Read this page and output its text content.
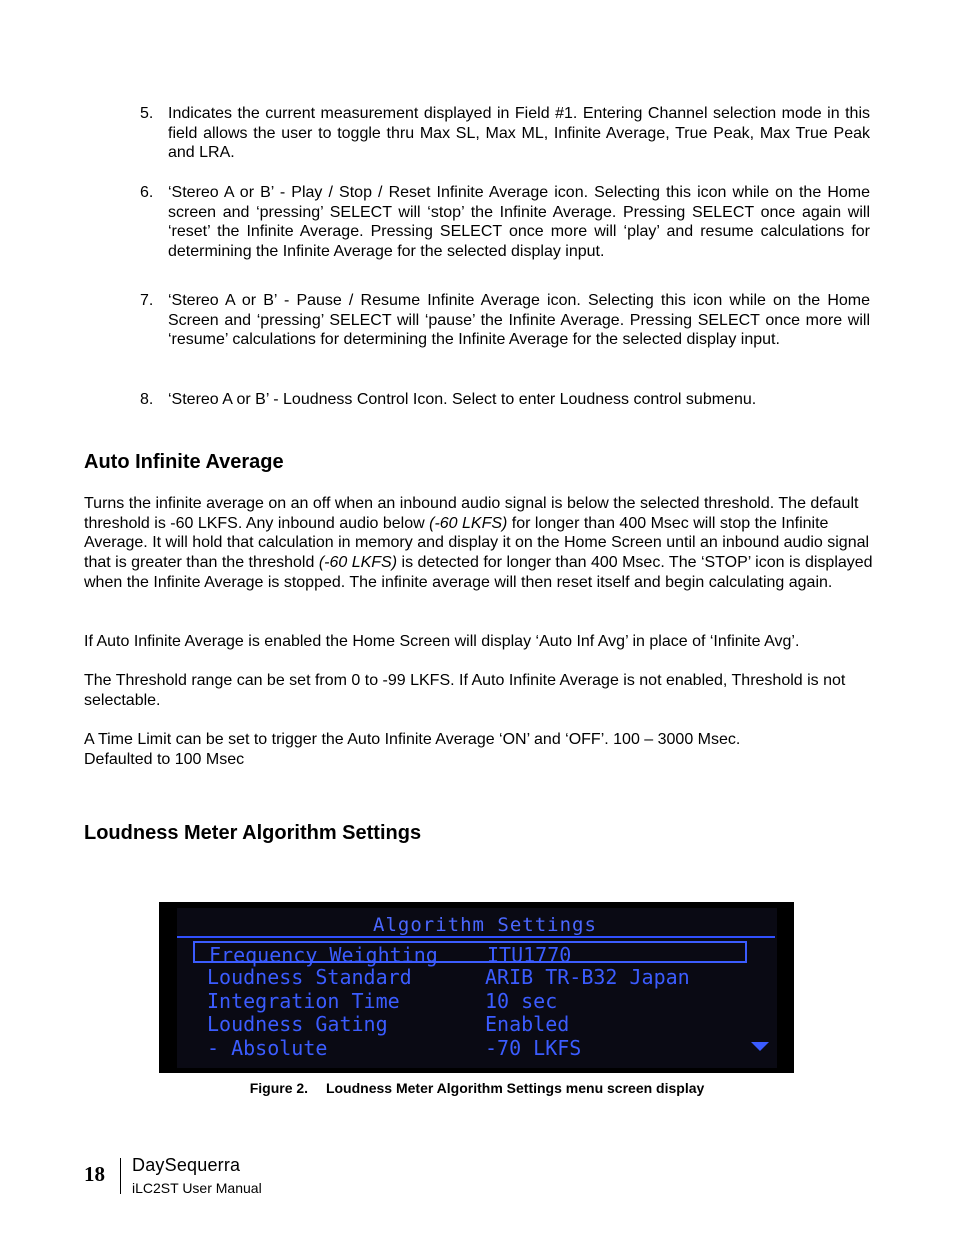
5. Indicates the current measurement displayed in Field #1. Entering Channel selection mode in this field allows the user to toggle thru Max SL, Max ML, Infinite Average, True Peak, Max True Peak and LRA.
6. ‘Stereo A or B’ - Play / Stop / Reset Infinite Average icon. Selecting this icon while on the Home screen and ‘pressing’ SELECT will ‘stop’ the Infinite Average. Pressing SELECT once again will ‘reset’ the Infinite Average. Pressing SELECT once more will ‘play’ and resume calculations for determining the Infinite Average for the selected display input.
7. ‘Stereo A or B’ - Pause / Resume Infinite Average icon. Selecting this icon while on the Home Screen and ‘pressing’ SELECT will ‘pause’ the Infinite Average. Pressing SELECT once more will ‘resume’ calculations for determining the Infinite Average for the selected display input.
8. ‘Stereo A or B’ - Loudness Control Icon. Select to enter Loudness control submenu.
Auto Infinite Average

Turns the infinite average on an off when an inbound audio signal is below the selected threshold. The default threshold is -60 LKFS. Any inbound audio below (-60 LKFS) for longer than 400 Msec will stop the Infinite Average. It will hold that calculation in memory and display it on the Home Screen until an inbound audio signal that is greater than the threshold (-60 LKFS) is detected for longer than 400 Msec. The ‘STOP’ icon is displayed when the Infinite Average is stopped. The infinite average will then reset itself and begin calculating again.

If Auto Infinite Average is enabled the Home Screen will display ‘Auto Inf Avg’ in place of ‘Infinite Avg’.

The Threshold range can be set from 0 to -99 LKFS. If Auto Infinite Average is not enabled, Threshold is not selectable.

A Time Limit can be set to trigger the Auto Infinite Average ‘ON’ and ‘OFF’. 100 – 3000 Msec.
Defaulted to 100 Msec

Loudness Meter Algorithm Settings
Algorithm Settings
Frequency Weighting ITU1770
Loudness Standard	ARIB TR-B32 Japan
Integration Time	10 sec
Loudness Gating	Enabled
- Absolute	-70 LKFS
Figure 2. Loudness Meter Algorithm Settings menu screen display
18 DaySequerra
iLC2ST User Manual
